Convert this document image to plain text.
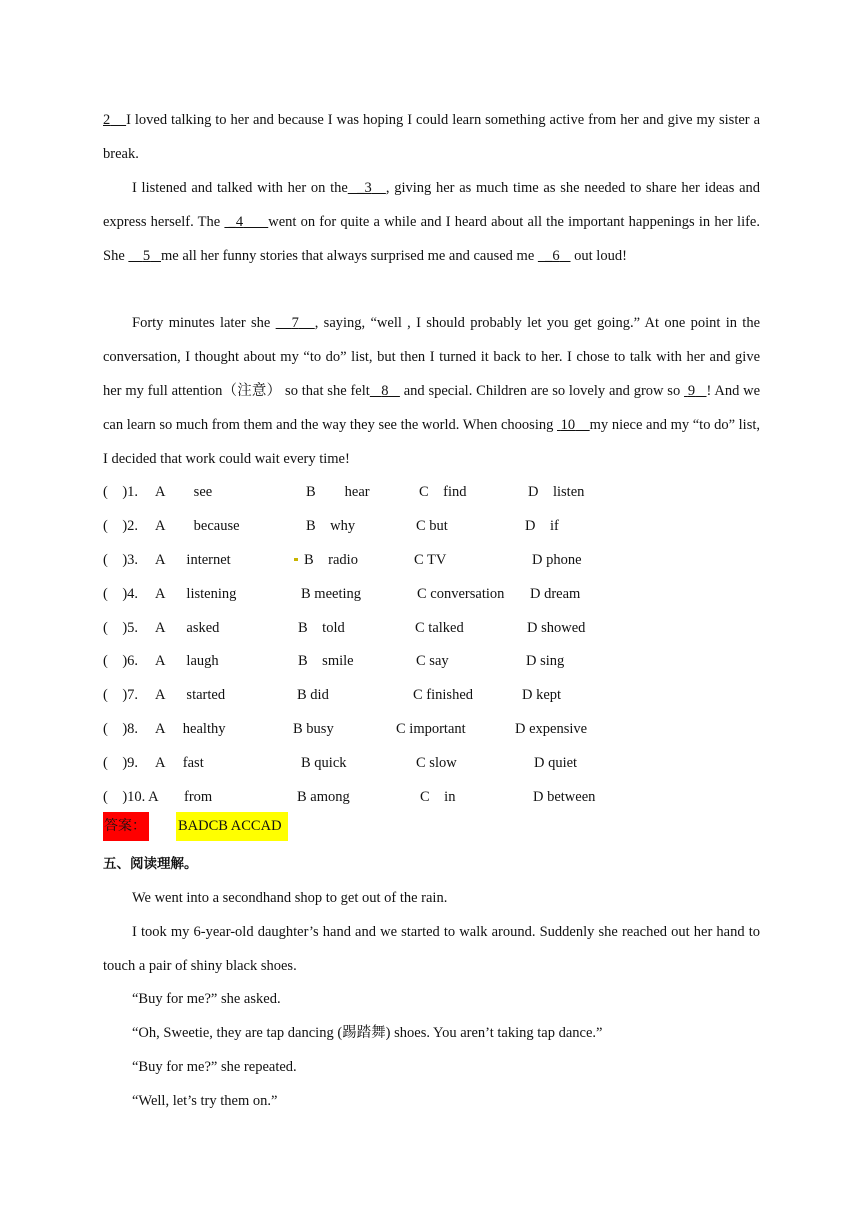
2 I loved talking to her and because I was hoping I could learn something active from her and give my sister a break.
I listened and talked with her on the  _3 , giving her as much time as she needed to share her ideas and express herself. The  _4 went on for quite a while and I heard about all the important happenings in her life. She     5 me all her funny stories that always surprised me and caused me   _6    out loud!
Forty minutes later she    7 , saying, “well , I should probably let you get going.” At one point in the conversation, I thought about my “to do” list, but then I turned it back to her. I chose to talk with her and give her my full attention（注意） so that she felt 8    and special. Children are so lovely and grow so  9 ! And we can learn so much from them and the way they see the world. When choosing  10 my niece and my “to do” list, I decided that work could wait every time!
(    )1. A        see	B        hear	C    find	D    listen
(    )2. A        because	B    why	C but	D    if
(    )3. A      internet	B    radio	C TV	D phone
(    )4. A      listening	B meeting	C conversation D dream
(    )5. A      asked	B    told	C talked	D showed
(    )6. A      laugh	B    smile	C say	D sing
(    )7. A      started	B did	C finished	D kept
(    )8. A     healthy	B busy	C important	D expensive
(    )9. A     fast	B quick	C slow	D quiet
(    )10. A from	B among	C    in	D between
答案： BADCB ACCAD
五、阅读理解。
We went into a secondhand shop to get out of the rain.
I took my 6-year-old daughter’s hand and we started to walk around. Suddenly she reached out her hand to touch a pair of shiny black shoes.
“Buy for me?” she asked.
“Oh, Sweetie, they are tap dancing (踢踏舞) shoes. You aren’t taking tap dance.”
“Buy for me?” she repeated.
“Well, let’s try them on.”
